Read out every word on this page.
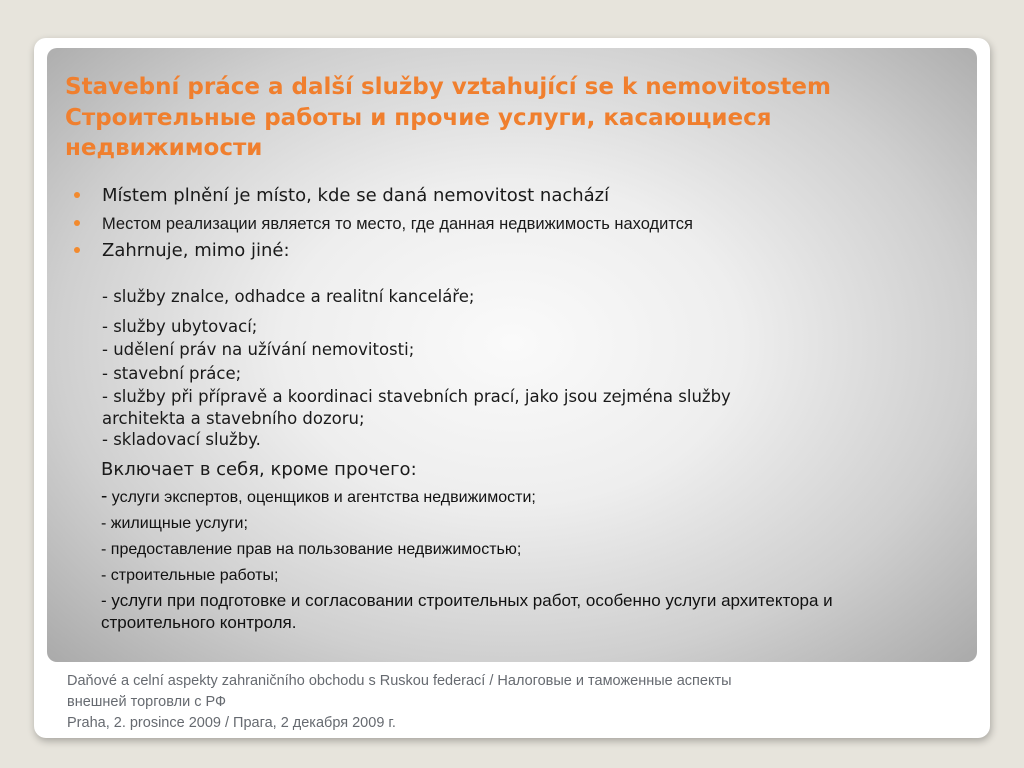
Stavební práce a další služby vztahující se k nemovitostem
Строительные работы и прочие услуги, касающиеся
недвижимости
Místem plnění je místo, kde se daná nemovitost nachází
Местом реализации является то место, где данная недвижимость находится
Zahrnuje, mimo jiné:
- služby znalce, odhadce a realitní kanceláře;
- služby ubytovací;
- udělení práv na užívání nemovitosti;
- stavební práce;
- služby při přípravě a koordinaci stavebních prací, jako jsou zejména služby
architekta a stavebního dozoru;
- skladovací služby.
Включает в себя, кроме прочего:
- услуги экспертов, оценщиков и агентства недвижимости;
- жилищные услуги;
- предоставление прав на пользование недвижимостью;
- строительные работы;
- услуги при подготовке и согласовании строительных работ, особенно услуги архитектора и
строительного контроля.
Daňové a celní aspekty zahraničního obchodu s Ruskou federací / Налоговые и таможенные аспекты
внешней торговли с РФ
Praha, 2. prosince 2009 / Прага, 2 декабря 2009 г.
